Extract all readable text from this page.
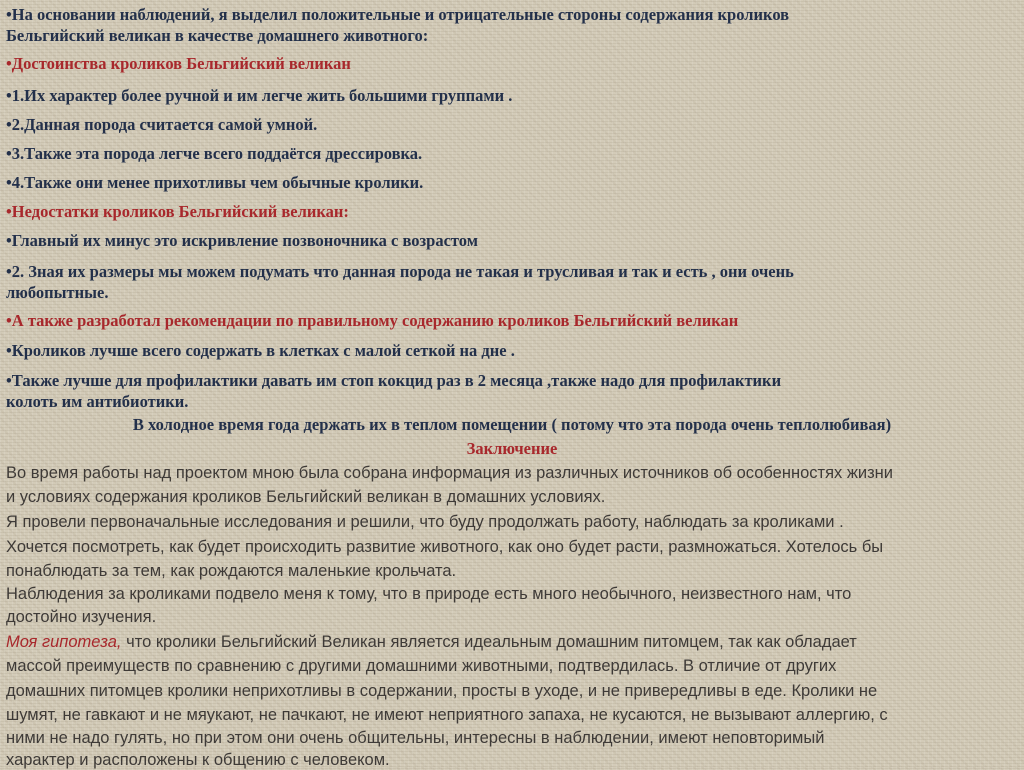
•На основании наблюдений, я выделил положительные и отрицательные стороны содержания кроликов

Бельгийский великан в качестве домашнего животного:

•Достоинства кроликов Бельгийский великан

•1.Их характер более ручной и им легче жить большими группами .

•2.Данная порода считается самой умной.

•3.Также эта порода легче всего поддаётся дрессировка.

•4.Также они менее прихотливы чем обычные кролики.

•Недостатки кроликов Бельгийский великан:

•Главный их минус это искривление позвоночника с возрастом

•2. Зная их размеры мы можем подумать что данная порода не такая и трусливая и так и есть , они очень

любопытные.

•А также разработал рекомендации по правильному содержанию кроликов Бельгийский великан

•Кроликов лучше всего содержать в клетках с малой сеткой на дне .

•Также лучше для профилактики давать им стоп кокцид раз в 2 месяца ,также надо для профилактики

колоть им антибиотики.

В холодное время года держать их в теплом помещении ( потому что эта порода очень теплолюбивая)

Заключение

Во время работы над проектом мною была собрана информация из различных источников об особенностях жизни

и условиях содержания кроликов Бельгийский великан в домашних условиях.

Я провели первоначальные исследования и решили, что буду продолжать работу, наблюдать за кроликами .

Хочется посмотреть, как будет происходить развитие животного, как оно будет расти, размножаться. Хотелось бы

понаблюдать за тем, как рождаются маленькие крольчата.

Наблюдения за кроликами подвело меня к тому, что в природе есть много необычного, неизвестного нам, что

достойно изучения.

Моя гипотеза, что кролики Бельгийский Великан является идеальным домашним питомцем, так как обладает

массой преимуществ по сравнению с другими домашними животными, подтвердилась. В отличие от других

домашних питомцев кролики неприхотливы в содержании, просты в уходе, и не привередливы в еде. Кролики не

шумят, не гавкают и не мяукают, не пачкают, не имеют неприятного запаха, не кусаются, не вызывают аллергию, с

ними не надо гулять, но при этом они очень общительны, интересны в наблюдении, имеют неповторимый

характер и расположены к общению с человеком.
